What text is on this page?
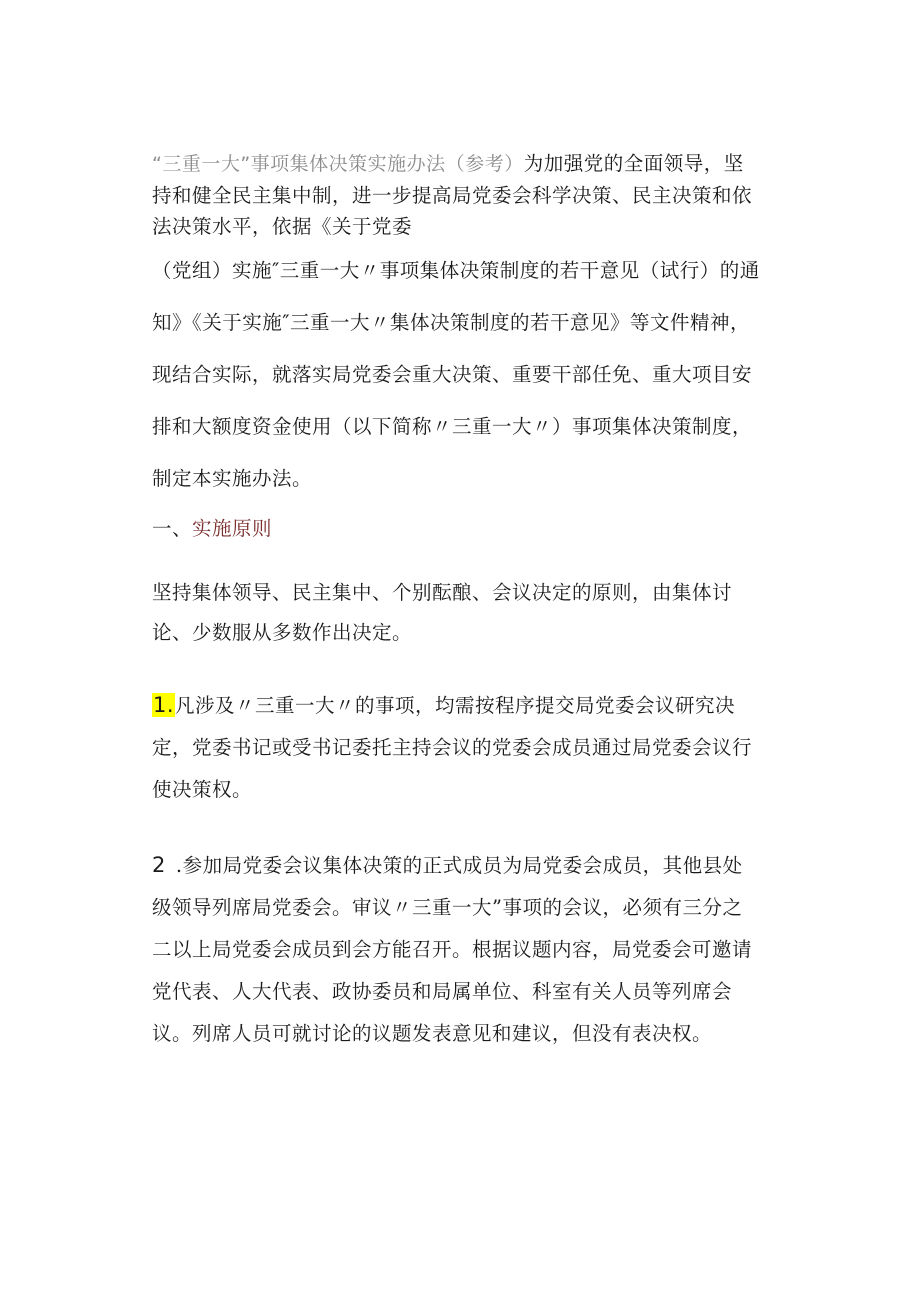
“三重一大”事项集体决策实施办法（参考）为加强党的全面领导，坚持和健全民主集中制，进一步提高局党委会科学决策、民主决策和依法决策水平，依据《关于党委
（党组）实施″三重一大〃事项集体决策制度的若干意见（试行）的通知》《关于实施″三重一大〃集体决策制度的若干意见》等文件精神，现结合实际，就落实局党委会重大决策、重要干部任免、重大项目安排和大额度资金使用（以下简称〃三重一大〃）事项集体决策制度，制定本实施办法。
一、实施原则
坚持集体领导、民主集中、个别酝酿、会议决定的原则，由集体讨论、少数服从多数作出决定。
1.凡涉及〃三重一大〃的事项，均需按程序提交局党委会议研究决定，党委书记或受书记委托主持会议的党委会成员通过局党委会议行使决策权。
2 .参加局党委会议集体决策的正式成员为局党委会成员，其他县处级领导列席局党委会。审议〃三重一大”事项的会议，必须有三分之二以上局党委会成员到会方能召开。根据议题内容，局党委会可邀请党代表、人大代表、政协委员和局属单位、科室有关人员等列席会议。列席人员可就讨论的议题发表意见和建议，但没有表决权。
